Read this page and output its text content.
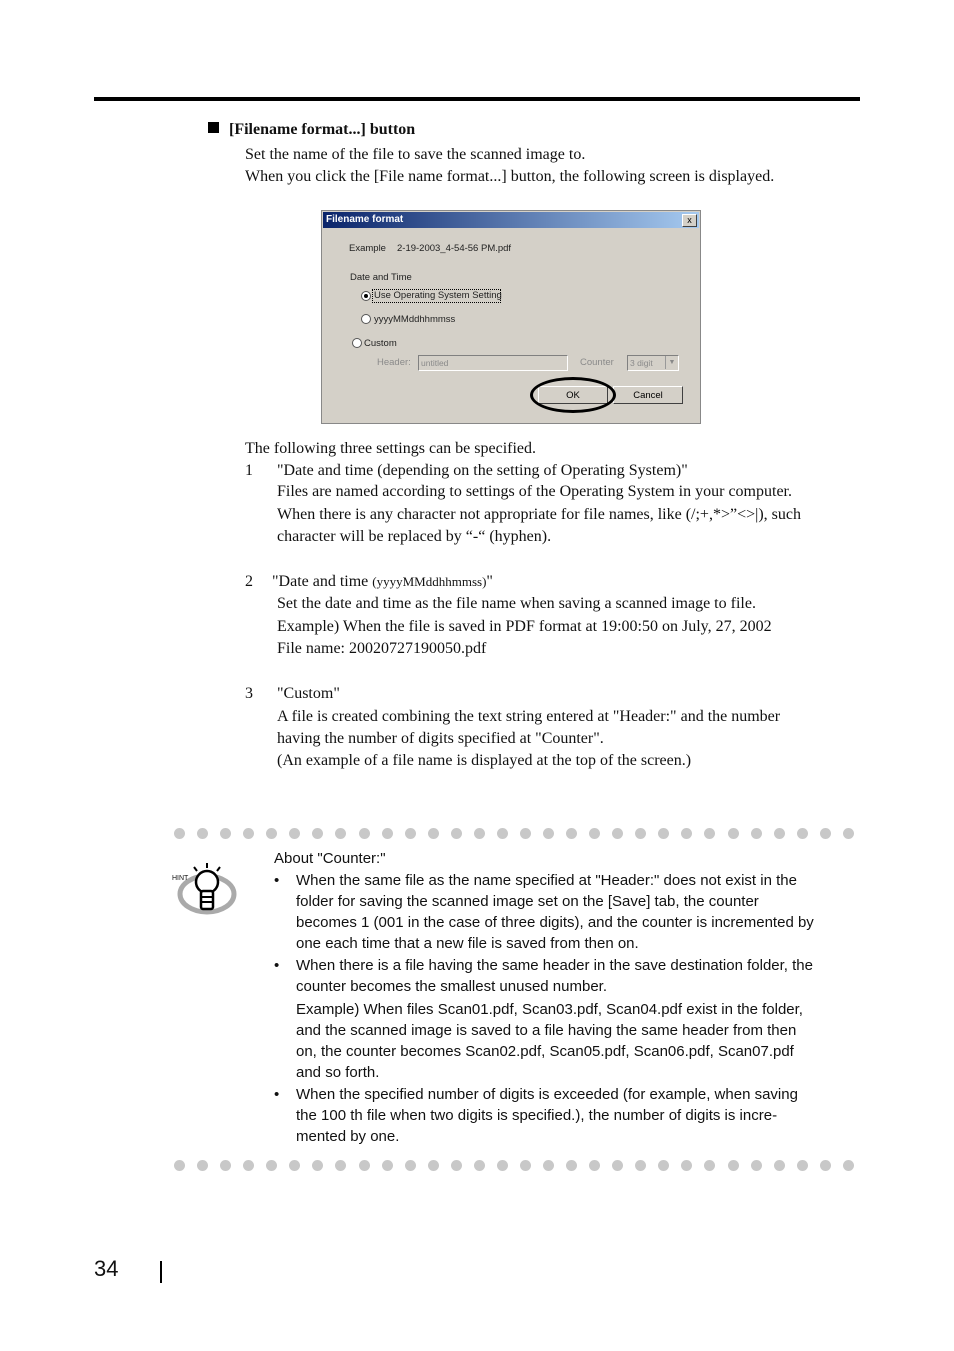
[Filename format...] button
Set the name of the file to save the scanned image to.
When you click the [File name format...] button, the following screen is displayed.
Filename format	x
Example 2-19-2003_4-54-56 PM.pdf
Date and Time
Use Operating System Setting
yyyyMMddhhmmss
Custom
Header:	untitled	Counter	3 digit	▼
OK	Cancel
The following three settings can be specified.
1 "Date and time (depending on the setting of Operating System)"
Files are named according to settings of the Operating System in your computer.
When there is any character not appropriate for file names, like (/;+,*>”<>|), such
character will be replaced by “-“ (hyphen).
2 "Date and time (yyyyMMddhhmmss)"
Set the date and time as the file name when saving a scanned image to file.
Example) When the file is saved in PDF format at 19:00:50 on July, 27, 2002
File name: 20020727190050.pdf
3 "Custom"
A file is created combining the text string entered at "Header:" and the number
having the number of digits specified at "Counter".
(An example of a file name is displayed at the top of the screen.)
HINT
About "Counter:"
• When the same file as the name specified at "Header:" does not exist in the
folder for saving the scanned image set on the [Save] tab, the counter
becomes 1 (001 in the case of three digits), and the counter is incremented by
one each time that a new file is saved from then on.
• When there is a file having the same header in the save destination folder, the
counter becomes the smallest unused number.
Example) When files Scan01.pdf, Scan03.pdf, Scan04.pdf exist in the folder,
and the scanned image is saved to a file having the same header from then
on, the counter becomes Scan02.pdf, Scan05.pdf, Scan06.pdf, Scan07.pdf
and so forth.
• When the specified number of digits is exceeded (for example, when saving
the 100 th file when two digits is specified.), the number of digits is incre-
mented by one.
34
